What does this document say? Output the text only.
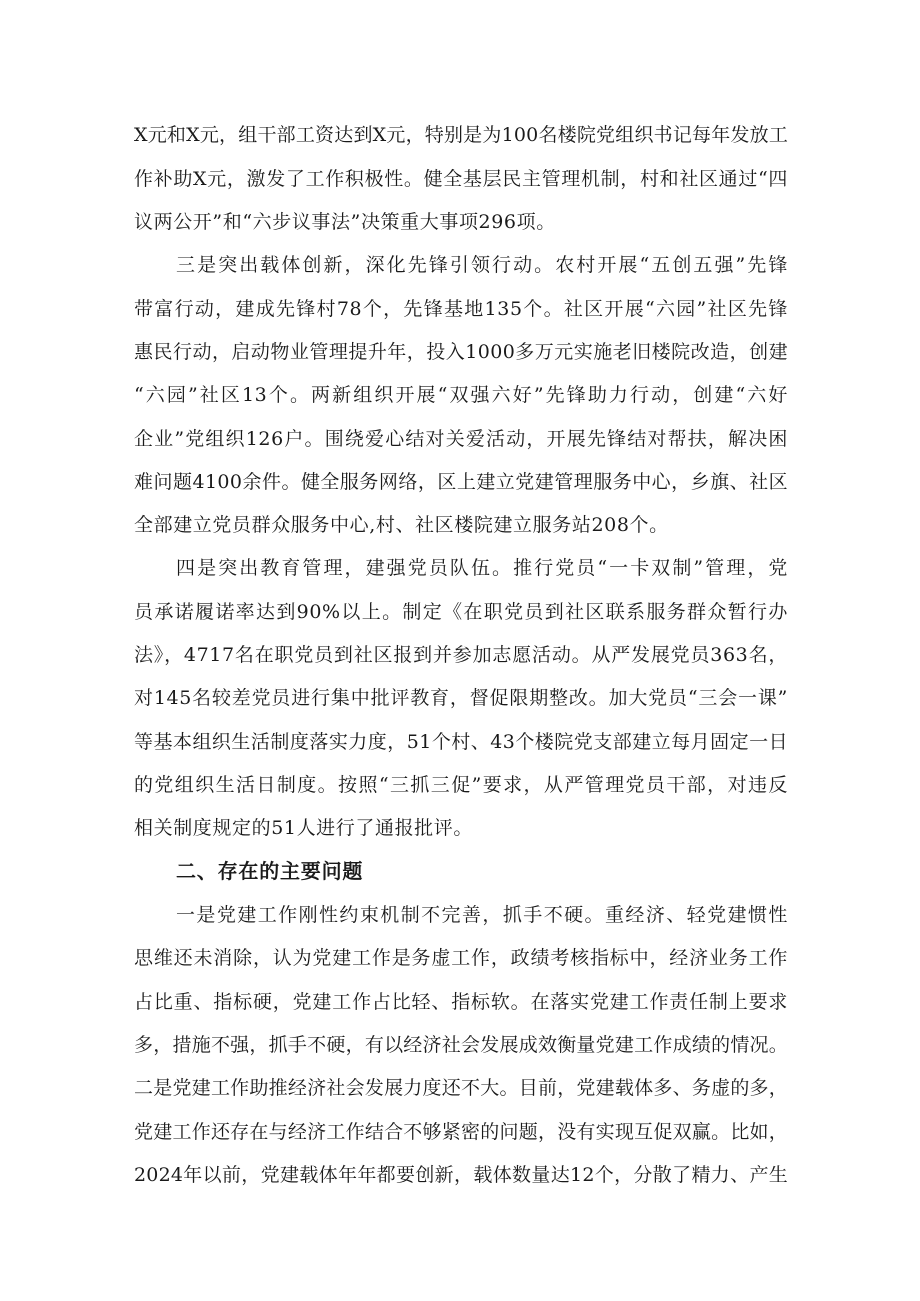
X元和X元，组干部工资达到X元，特别是为100名楼院党组织书记每年发放工
作补助X元，激发了工作积极性。健全基层民主管理机制，村和社区通过“四
议两公开”和“六步议事法”决策重大事项296项。
三是突出载体创新，深化先锋引领行动。农村开展“五创五强”先锋
带富行动，建成先锋村78个，先锋基地135个。社区开展“六园”社区先锋
惠民行动，启动物业管理提升年，投入1000多万元实施老旧楼院改造，创建
“六园”社区13个。两新组织开展“双强六好”先锋助力行动，创建“六好
企业”党组织126户。围绕爱心结对关爱活动，开展先锋结对帮扶，解决困
难问题4100余件。健全服务网络，区上建立党建管理服务中心，乡旗、社区
全部建立党员群众服务中心,村、社区楼院建立服务站208个。
四是突出教育管理，建强党员队伍。推行党员“一卡双制”管理，党
员承诺履诺率达到90%以上。制定《在职党员到社区联系服务群众暂行办
法》，4717名在职党员到社区报到并参加志愿活动。从严发展党员363名，
对145名较差党员进行集中批评教育，督促限期整改。加大党员“三会一课”
等基本组织生活制度落实力度，51个村、43个楼院党支部建立每月固定一日
的党组织生活日制度。按照“三抓三促”要求，从严管理党员干部，对违反
相关制度规定的51人进行了通报批评。
二、存在的主要问题
一是党建工作刚性约束机制不完善，抓手不硬。重经济、轻党建惯性
思维还未消除，认为党建工作是务虚工作，政绩考核指标中，经济业务工作
占比重、指标硬，党建工作占比轻、指标软。在落实党建工作责任制上要求
多，措施不强，抓手不硬，有以经济社会发展成效衡量党建工作成绩的情况。
二是党建工作助推经济社会发展力度还不大。目前，党建载体多、务虚的多，
党建工作还存在与经济工作结合不够紧密的问题，没有实现互促双赢。比如，
2024年以前，党建载体年年都要创新，载体数量达12个，分散了精力、产生
